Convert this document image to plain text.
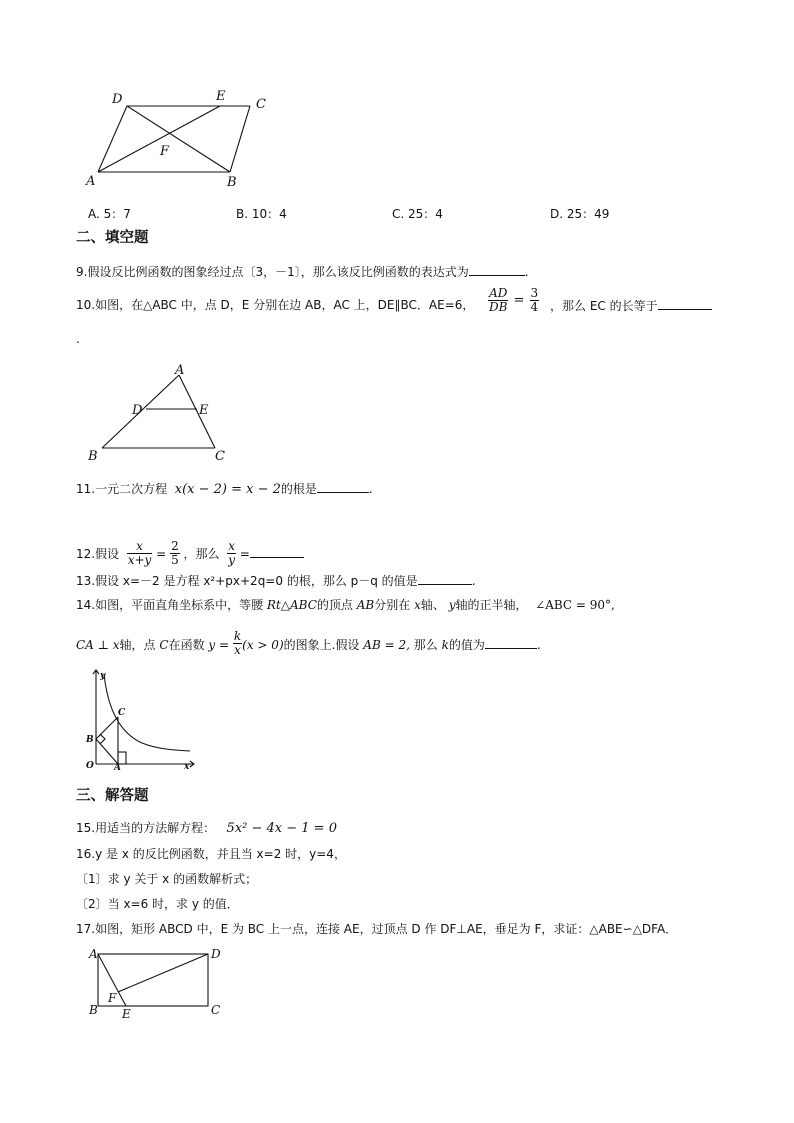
D	E
C
F
A	B
A. 5：7	B. 10：4	C. 25：4	D. 25：49
二、填空题
9.假设反比例函数的图象经过点〔3，－1〕，那么该反比例函数的表达式为	.
10.如图，在△ABC 中，点 D，E 分别在边 AB，AC 上，DE∥BC．AE=6， $\frac{AD}{DB} = \frac{3}{4}$ ，那么 EC 的长等于
.
A
D	E
B	C
11.一元二次方程 x(x − 2) = x − 2的根是	.
12.假设 $\frac{x}{x+y} = \frac{2}{5}$ ，那么 $\frac{x}{y}$ =
13.假设 x=－2 是方程 x²+px+2q=0 的根，那么 p－q 的值是	.
14.如图，平面直角坐标系中，等腰 Rt△ABC的顶点 AB分别在 x轴、 y轴的正半轴， ∠ABC = 90°,
CA ⊥ x轴，点 C在函数 $y = \frac{k}{x} (x > 0)$的图象上.假设 AB = 2, 那么 k的值为	.
y
C
B
O A	x
三、解答题
15.用适当的方法解方程： 5x² − 4x − 1 = 0
16.y 是 x 的反比例函数，并且当 x=2 时，y=4，
〔1〕求 y 关于 x 的函数解析式；
〔2〕当 x=6 时，求 y 的值．
17.如图，矩形 ABCD 中，E 为 BC 上一点，连接 AE，过顶点 D 作 DF⊥AE，垂足为 F，求证：△ABE∽△DFA．
A	D
F
B E	C
